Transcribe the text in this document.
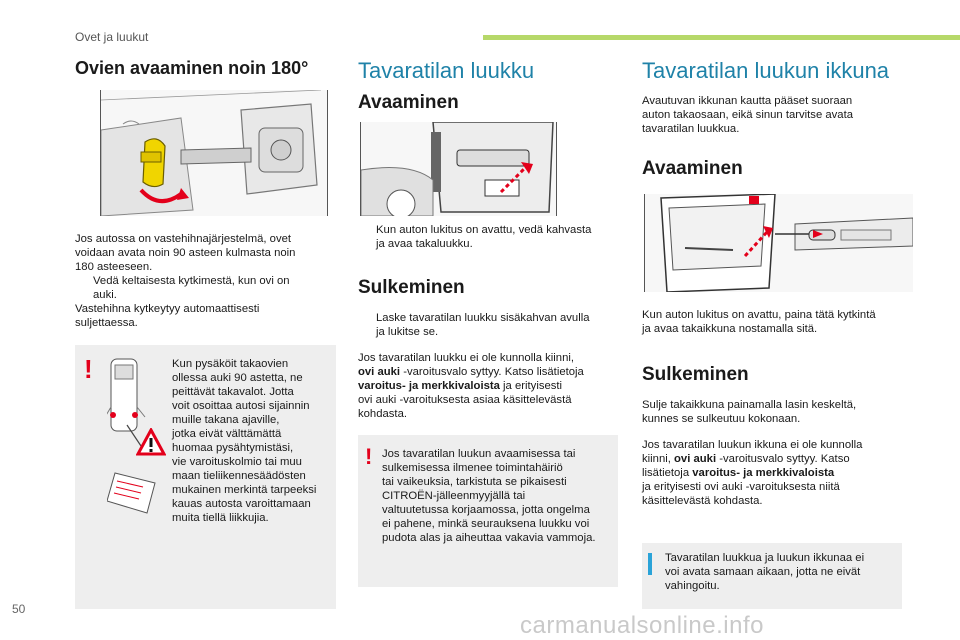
Ovet ja luukut
Ovien avaaminen noin 180°

Jos autossa on vastehihnajärjestelmä, ovet

voidaan avata noin 90 asteen kulmasta noin

180 asteeseen.

Vedä keltaisesta kytkimestä, kun ovi on
auki.

Vastehihna kytkeytyy automaattisesti

suljettaessa.

!	Kun pysäköit takaovien

ollessa auki 90 astetta, ne

peittävät takavalot. Jotta

voit osoittaa autosi sijainnin

muille takana ajaville,

jotka eivät välttämättä

huomaa pysähtymistäsi,

vie varoituskolmio tai muu

maan tieliikennesäädösten

mukainen merkintä tarpeeksi

kauas autosta varoittamaan

muita tiellä liikkujia.

Tavaratilan luukku
Avaaminen
Kun auton lukitus on avattu, vedä kahvasta
ja avaa takaluukku.
Sulkeminen
Laske tavaratilan luukku sisäkahvan avulla
ja lukitse se.

Jos tavaratilan luukku ei ole kunnolla kiinni,

ovi auki -varoitusvalo syttyy. Katso lisätietoja

varoitus- ja merkkivaloista ja erityisesti

ovi auki -varoituksesta asiaa käsittelevästä

kohdasta.

! Jos tavaratilan luukun avaamisessa tai

sulkemisessa ilmenee toimintahäiriö

tai vaikeuksia, tarkistuta se pikaisesti

CITROËN-jälleenmyyjällä tai

valtuutetussa korjaamossa, jotta ongelma

ei pahene, minkä seurauksena luukku voi

pudota alas ja aiheuttaa vakavia vammoja.

Tavaratilan luukun ikkuna

Avautuvan ikkunan kautta pääset suoraan

auton takaosaan, eikä sinun tarvitse avata

tavaratilan luukkua.

Avaaminen

Kun auton lukitus on avattu, paina tätä kytkintä

ja avaa takaikkuna nostamalla sitä.

Sulkeminen

Sulje takaikkuna painamalla lasin keskeltä,

kunnes se sulkeutuu kokonaan.

Jos tavaratilan luukun ikkuna ei ole kunnolla

kiinni, ovi auki -varoitusvalo syttyy. Katso

lisätietoja varoitus- ja merkkivaloista

ja erityisesti ovi auki -varoituksesta niitä

käsittelevästä kohdasta.

Tavaratilan luukkua ja luukun ikkunaa ei

voi avata samaan aikaan, jotta ne eivät

vahingoitu.

50
carmanualsonline.info
